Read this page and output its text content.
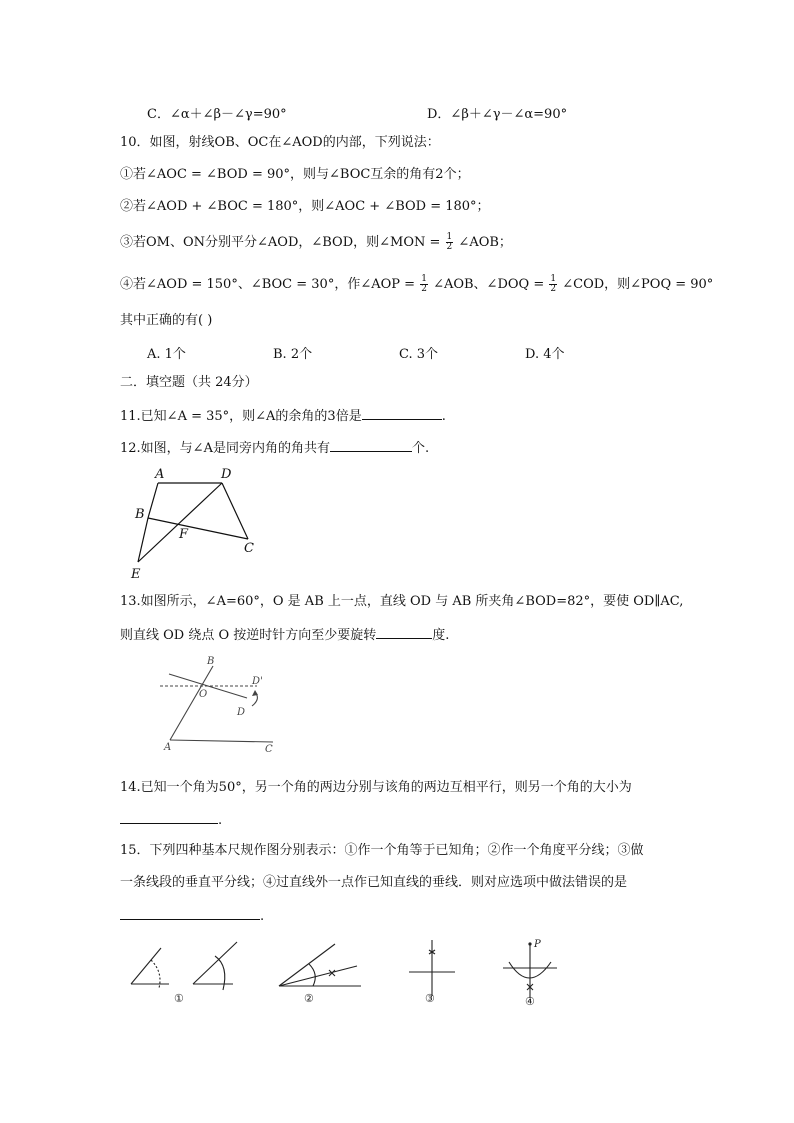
C．∠α＋∠β－∠γ=90°	D．∠β＋∠γ－∠α=90°
10．如图，射线OB、OC在∠AOD的内部，下列说法：
①若∠AOC = ∠BOD = 90°，则与∠BOC互余的角有2个；
②若∠AOD + ∠BOC = 180°，则∠AOC + ∠BOD = 180°；
③若OM、ON分别平分∠AOD，∠BOD，则∠MON = $\frac{1}{2}$ ∠AOB；
④若∠AOD = 150°、∠BOC = 30°，作∠AOP = $\frac{1}{2}$ ∠AOB、∠DOQ = $\frac{1}{2}$ ∠COD，则∠POQ = 90°
其中正确的有( )
A. 1个	B. 2个	C. 3个	D. 4个
二．填空题（共 24分）
11.已知∠A = 35°，则∠A的余角的3倍是	.
12.如图，与∠A是同旁内角的角共有	个.
A	D
B
F
C
E
13.如图所示，∠A=60°，O 是 AB 上一点，直线 OD 与 AB 所夹角∠BOD=82°，要使 OD∥AC,
则直线 OD 绕点 O 按逆时针方向至少要旋转	度.
B
D'
O
D
A	C
14.已知一个角为50°，另一个角的两边分别与该角的两边互相平行，则另一个角的大小为
.
15．下列四种基本尺规作图分别表示：①作一个角等于已知角；②作一个角度平分线；③做
一条线段的垂直平分线；④过直线外一点作已知直线的垂线．则对应选项中做法错误的是
.
①	②	③	④
P
